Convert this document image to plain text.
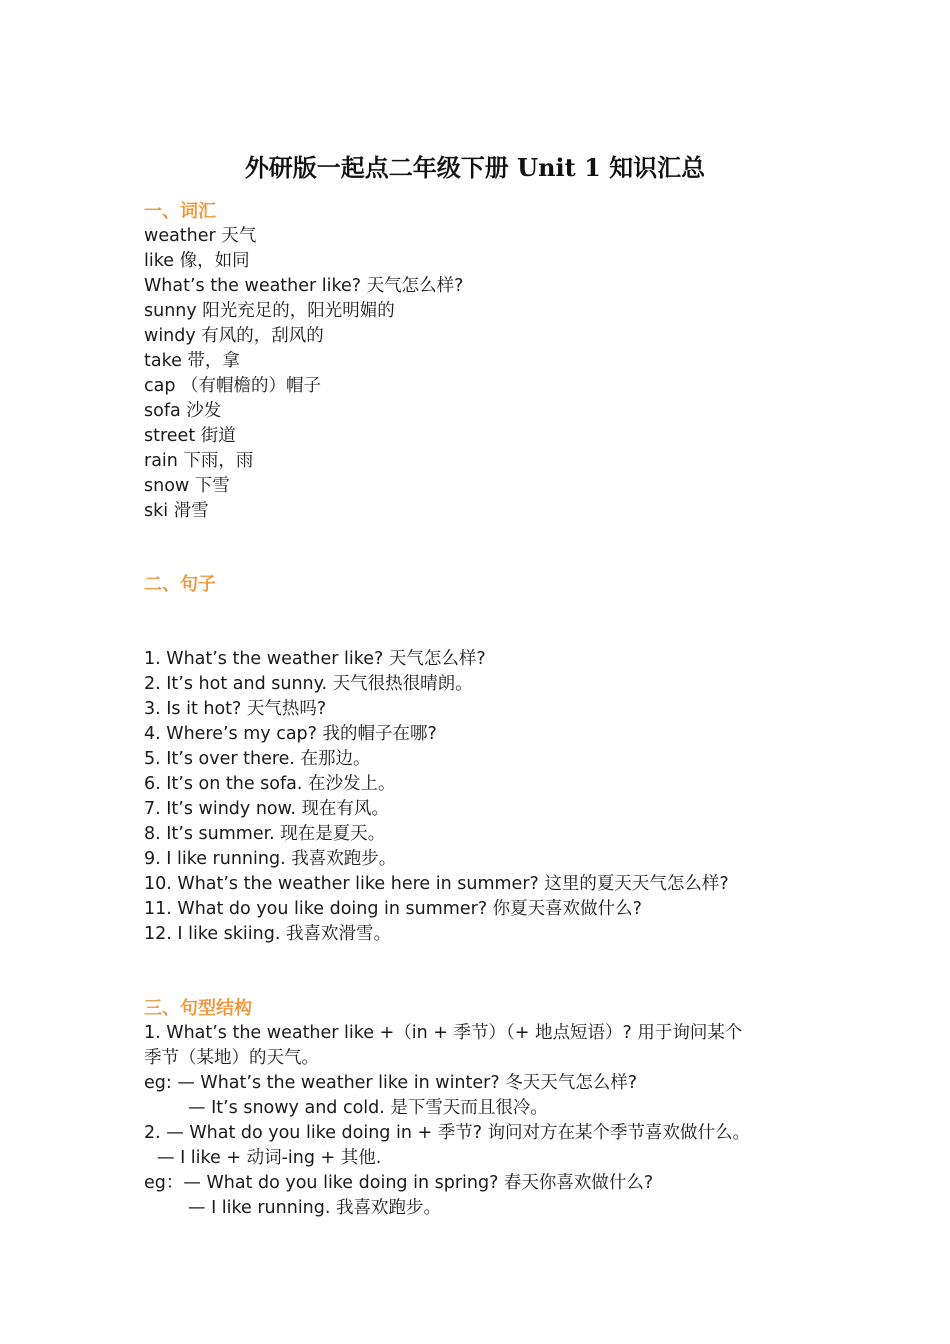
外研版一起点二年级下册 Unit 1 知识汇总
一、词汇
weather 天气
like 像，如同
What’s the weather like? 天气怎么样?
sunny 阳光充足的，阳光明媚的
windy 有风的，刮风的
take 带，拿
cap （有帽檐的）帽子
sofa 沙发
street 街道
rain 下雨，雨
snow 下雪
ski 滑雪
二、句子
1. What’s the weather like? 天气怎么样?
2. It’s hot and sunny. 天气很热很晴朗。
3. Is it hot? 天气热吗?
4. Where’s my cap? 我的帽子在哪?
5. It’s over there. 在那边。
6. It’s on the sofa. 在沙发上。
7. It’s windy now. 现在有风。
8. It’s summer. 现在是夏天。
9. I like running. 我喜欢跑步。
10. What’s the weather like here in summer? 这里的夏天天气怎么样?
11. What do you like doing in summer? 你夏天喜欢做什么?
12. I like skiing. 我喜欢滑雪。
三、句型结构
1. What’s the weather like +（in + 季节）（+ 地点短语）? 用于询问某个
季节（某地）的天气。
eg: — What’s the weather like in winter? 冬天天气怎么样?
— It’s snowy and cold. 是下雪天而且很冷。
2. — What do you like doing in + 季节? 询问对方在某个季节喜欢做什么。
— I like + 动词-ing + 其他.
eg：— What do you like doing in spring? 春天你喜欢做什么?
— I like running. 我喜欢跑步。
